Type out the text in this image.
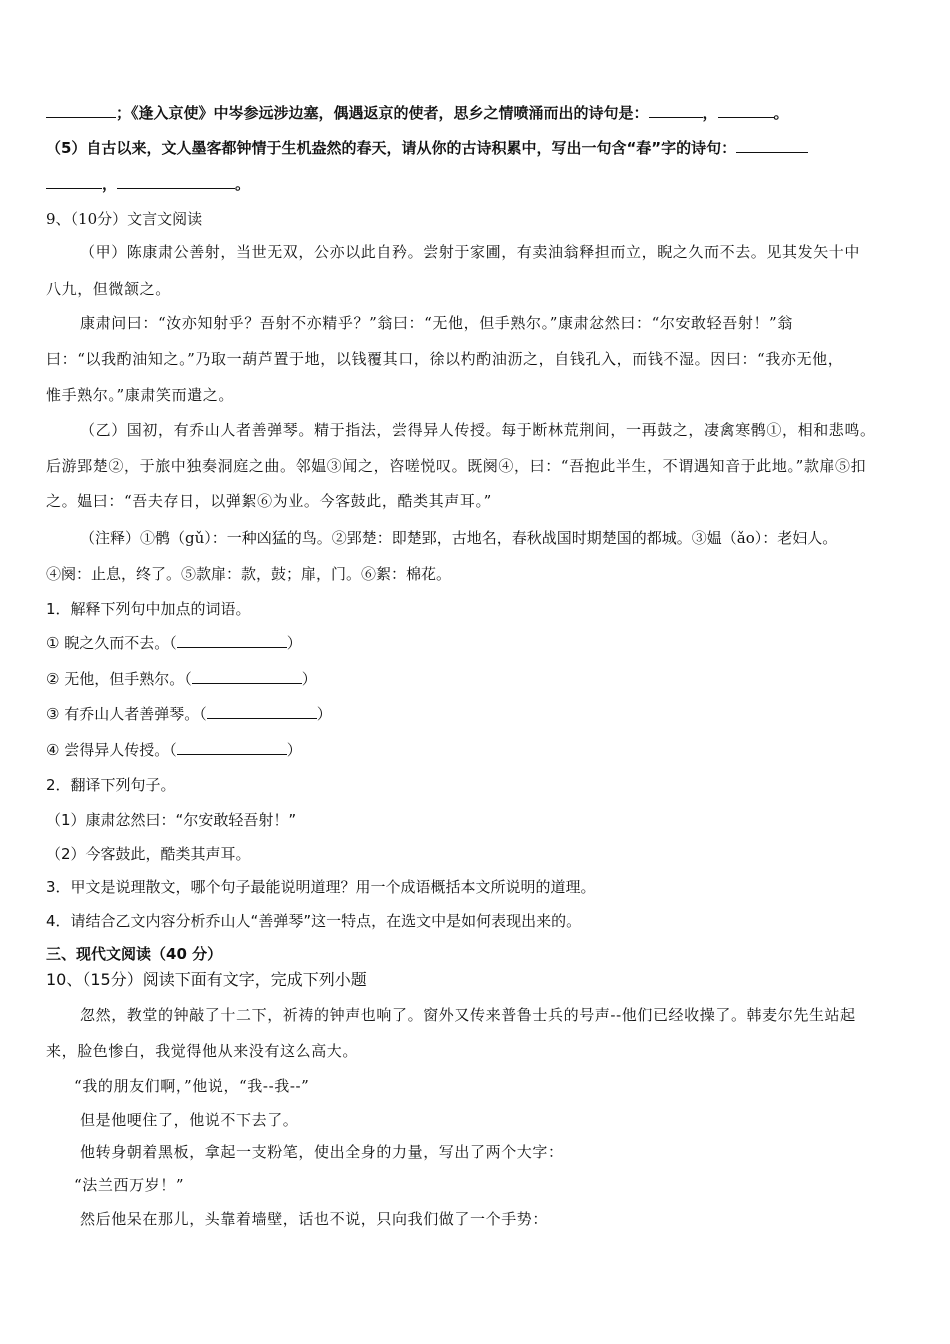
；《逢入京使》中岑参远涉边塞，偶遇返京的使者，思乡之情喷涌而出的诗句是：	，	。
（5）自古以来，文人墨客都钟情于生机盎然的春天，请从你的古诗积累中，写出一句含“春”字的诗句：
，	。
9、（10分）文言文阅读
（甲）陈康肃公善射，当世无双，公亦以此自矜。尝射于家圃，有卖油翁释担而立，睨之久而不去。见其发矢十中
八九，但微颔之。
康肃问曰：“汝亦知射乎？吾射不亦精乎？”翁曰：“无他，但手熟尔。”康肃忿然曰：“尔安敢轻吾射！”翁
曰：“以我酌油知之。”乃取一葫芦置于地，以钱覆其口，徐以杓酌油沥之，自钱孔入，而钱不湿。因曰：“我亦无他，
惟手熟尔。”康肃笑而遣之。
（乙）国初，有乔山人者善弹琴。精于指法，尝得异人传授。每于断林荒荆间，一再鼓之，凄禽寒鹘①，相和悲鸣。
后游郢楚②，于旅中独奏洞庭之曲。邻媪③闻之，咨嗟悦叹。既阕④，曰：“吾抱此半生，不谓遇知音于此地。”款扉⑤扣
之。媪曰：“吾夫存日，以弹絮⑥为业。今客鼓此，酷类其声耳。”
（注释）①鹘（gǔ）：一种凶猛的鸟。②郢楚：即楚郢，古地名，春秋战国时期楚国的都城。③媪（ǎo）：老妇人。
④阕：止息，终了。⑤款扉：款，鼓；扉，门。⑥絮：棉花。
1．解释下列句中加点的词语。
① 睨之久而不去。（	）
② 无他，但手熟尔。（	）
③ 有乔山人者善弹琴。（	）
④ 尝得异人传授。（	）
2．翻译下列句子。
（1）康肃忿然曰：“尔安敢轻吾射！”
（2）今客鼓此，酷类其声耳。
3．甲文是说理散文，哪个句子最能说明道理？用一个成语概括本文所说明的道理。
4．请结合乙文内容分析乔山人“善弹琴”这一特点，在选文中是如何表现出来的。
三、现代文阅读（40 分）
10、（15分）阅读下面有文字，完成下列小题
忽然，教堂的钟敲了十二下，祈祷的钟声也响了。窗外又传来普鲁士兵的号声--他们已经收操了。韩麦尔先生站起
来，脸色惨白，我觉得他从来没有这么高大。
“我的朋友们啊，”他说，“我--我--”
但是他哽住了，他说不下去了。
他转身朝着黑板，拿起一支粉笔，使出全身的力量，写出了两个大字：
“法兰西万岁！”
然后他呆在那儿，头靠着墙壁，话也不说，只向我们做了一个手势：
